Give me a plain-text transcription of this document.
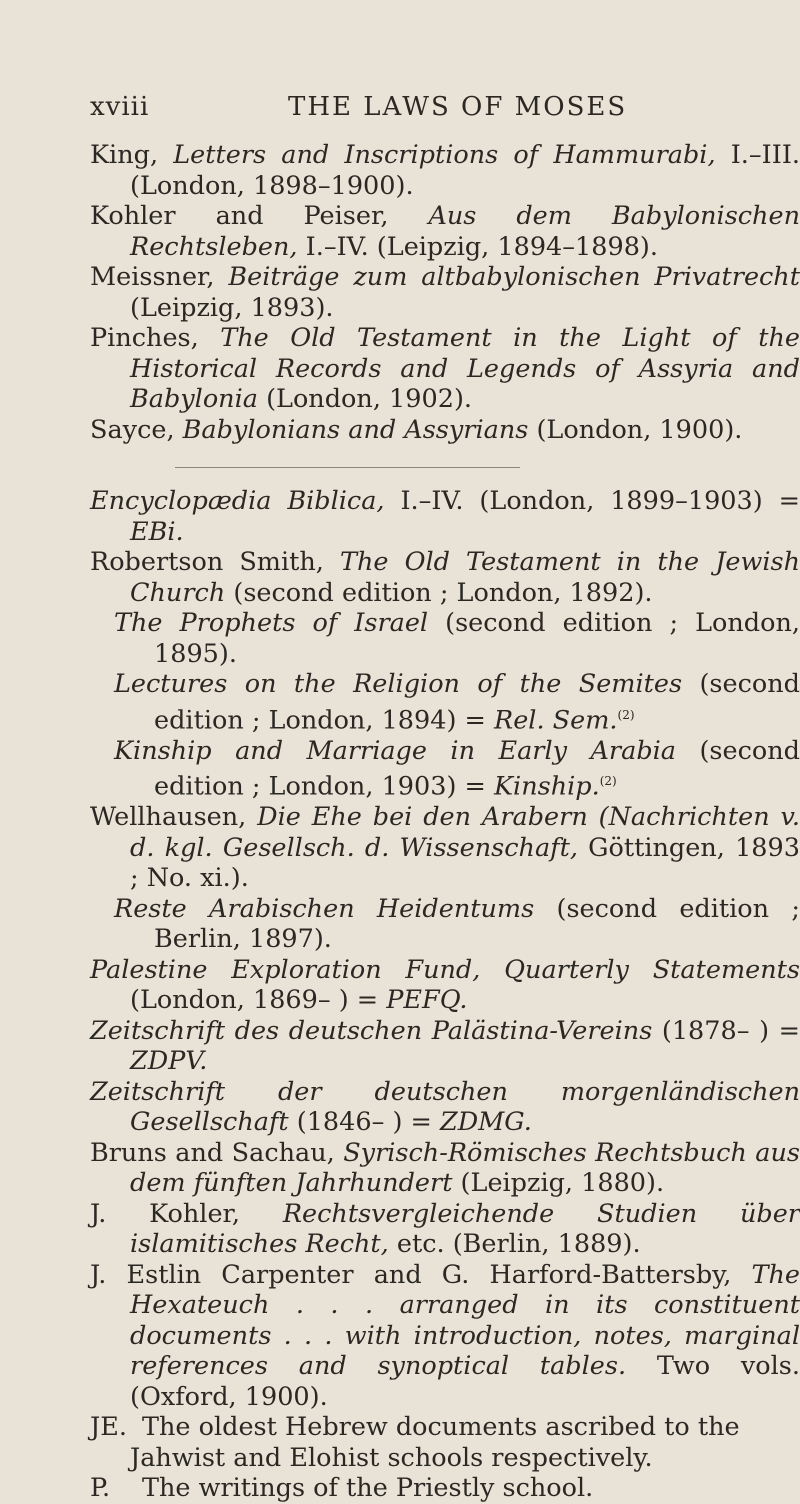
xviii	THE LAWS OF MOSES

King, Letters and Inscriptions of Hammurabi, I.–III. (London, 1898–1900).

Kohler and Peiser, Aus dem Babylonischen Rechtsleben, I.–IV. (Leipzig, 1894–1898).

Meissner, Beiträge zum altbabylonischen Privatrecht (Leipzig, 1893).

Pinches, The Old Testament in the Light of the Historical Records and Legends of Assyria and Babylonia (London, 1902).

Sayce, Babylonians and Assyrians (London, 1900).

Encyclopædia Biblica, I.–IV. (London, 1899–1903) = EBi.

Robertson Smith, The Old Testament in the Jewish Church (second edition ; London, 1892).

The Prophets of Israel (second edition ; London, 1895).

Lectures on the Religion of the Semites (second edition ; London, 1894) = Rel. Sem.$^{(2)}$

Kinship and Marriage in Early Arabia (second edition ; London, 1903) = Kinship.$^{(2)}$

Wellhausen, Die Ehe bei den Arabern (Nachrichten v. d. kgl. Gesellsch. d. Wissenschaft, Göttingen, 1893 ; No. xi.).

Reste Arabischen Heidentums (second edition ; Berlin, 1897).

Palestine Exploration Fund, Quarterly Statements (London, 1869– ) = PEFQ.

Zeitschrift des deutschen Palästina-Vereins (1878– ) = ZDPV.

Zeitschrift der deutschen morgenländischen Gesellschaft (1846– ) = ZDMG.

Bruns and Sachau, Syrisch-Römisches Rechtsbuch aus dem fünften Jahrhundert (Leipzig, 1880).

J. Kohler, Rechtsvergleichende Studien über islamitisches Recht, etc. (Berlin, 1889).

J. Estlin Carpenter and G. Harford-Battersby, The Hexateuch . . . arranged in its constituent documents . . . with introduction, notes, marginal references and synoptical tables. Two vols. (Oxford, 1900).

JE. The oldest Hebrew documents ascribed to the Jahwist and Elohist schools respectively.

P. The writings of the Priestly school.
